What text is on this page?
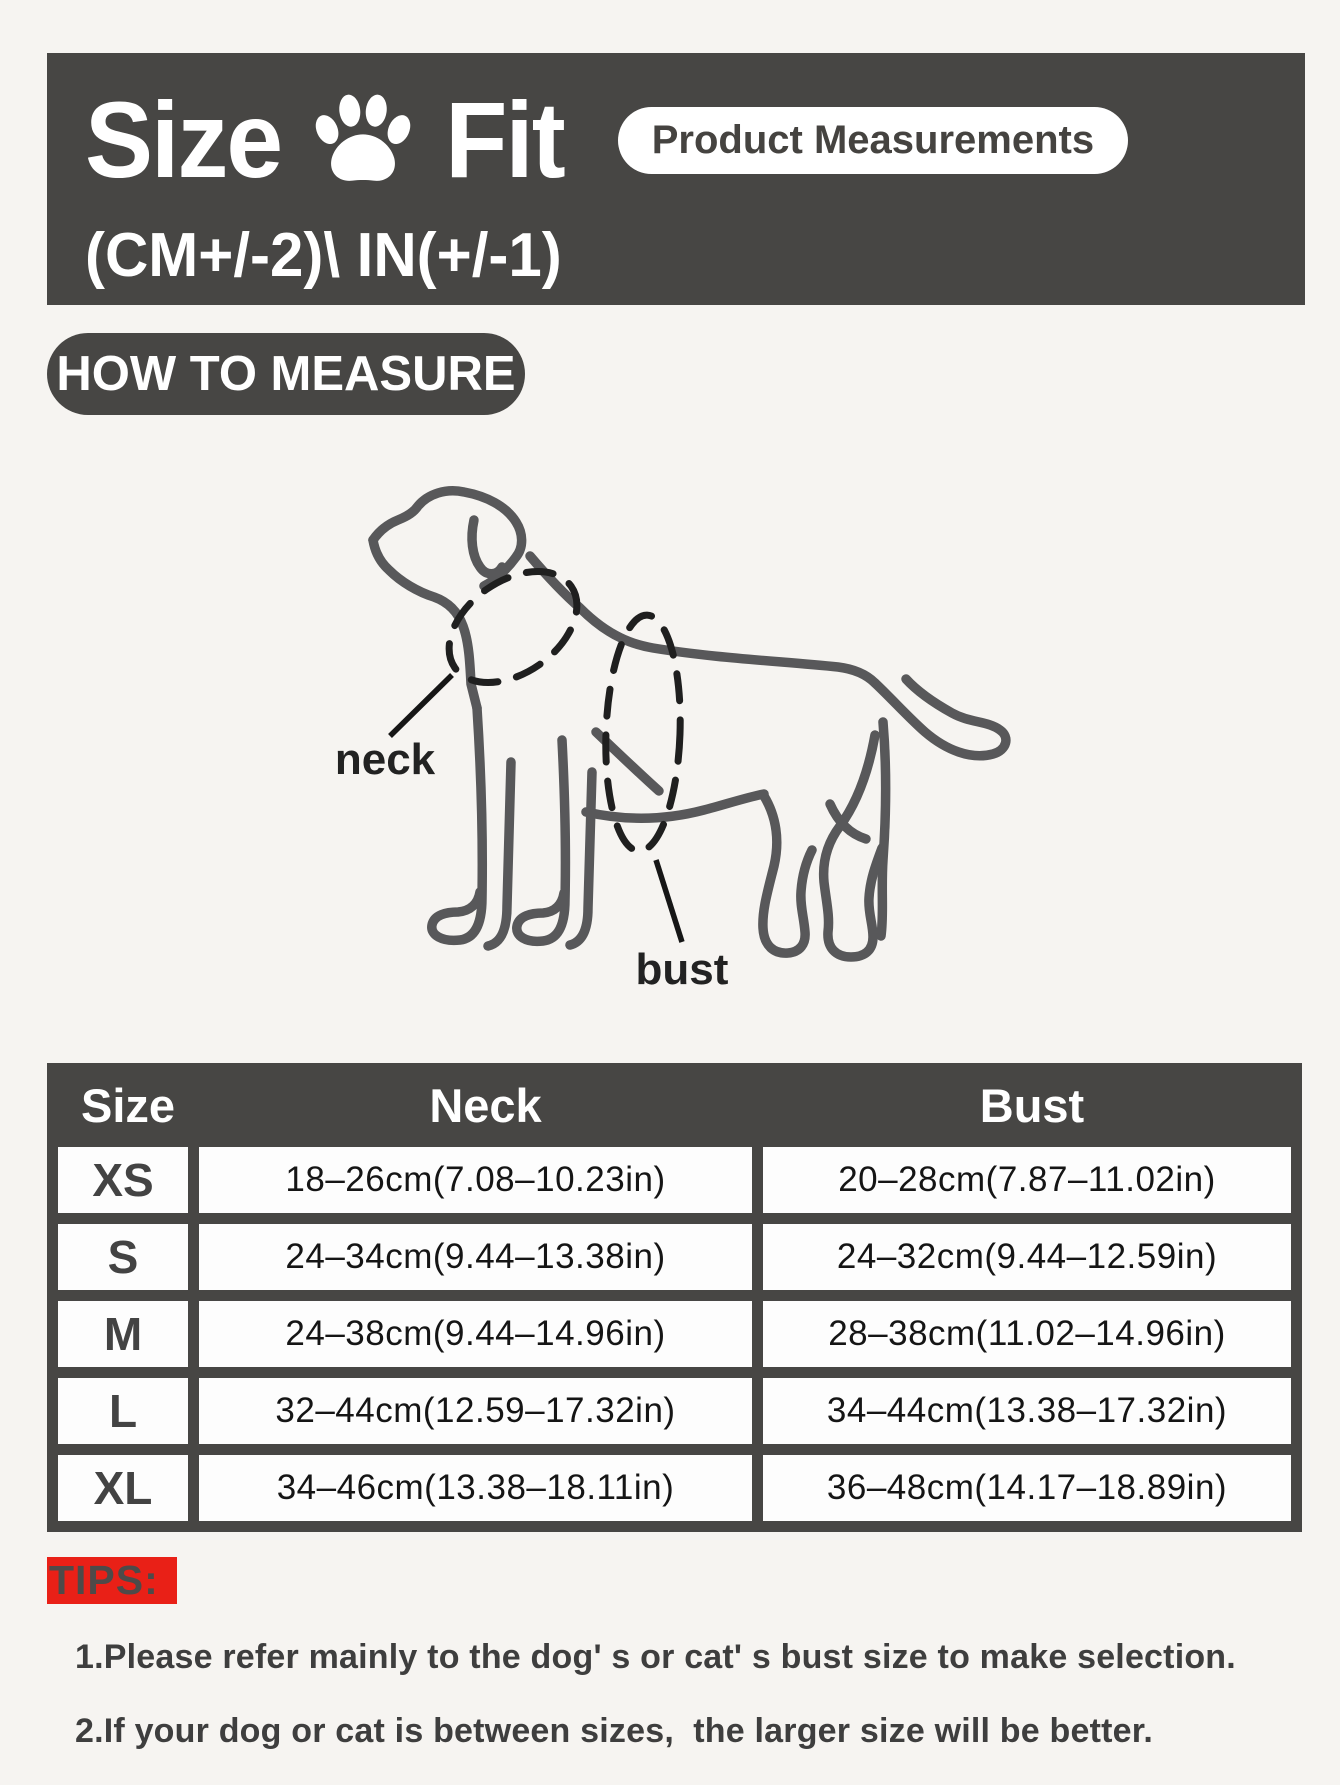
Size Fit	Product Measurements
(CM+/-2)\ IN(+/-1)
HOW TO MEASURE
neck
bust
Size	Neck	Bust
XS	18–26cm(7.08–10.23in)	20–28cm(7.87–11.02in)
S	24–34cm(9.44–13.38in)	24–32cm(9.44–12.59in)
M	24–38cm(9.44–14.96in)	28–38cm(11.02–14.96in)
L	32–44cm(12.59–17.32in)	34–44cm(13.38–17.32in)
XL	34–46cm(13.38–18.11in)	36–48cm(14.17–18.89in)
TIPS:

1.Please refer mainly to the dog' s or cat' s bust size to make selection.

2.If your dog or cat is between sizes,  the larger size will be better.
